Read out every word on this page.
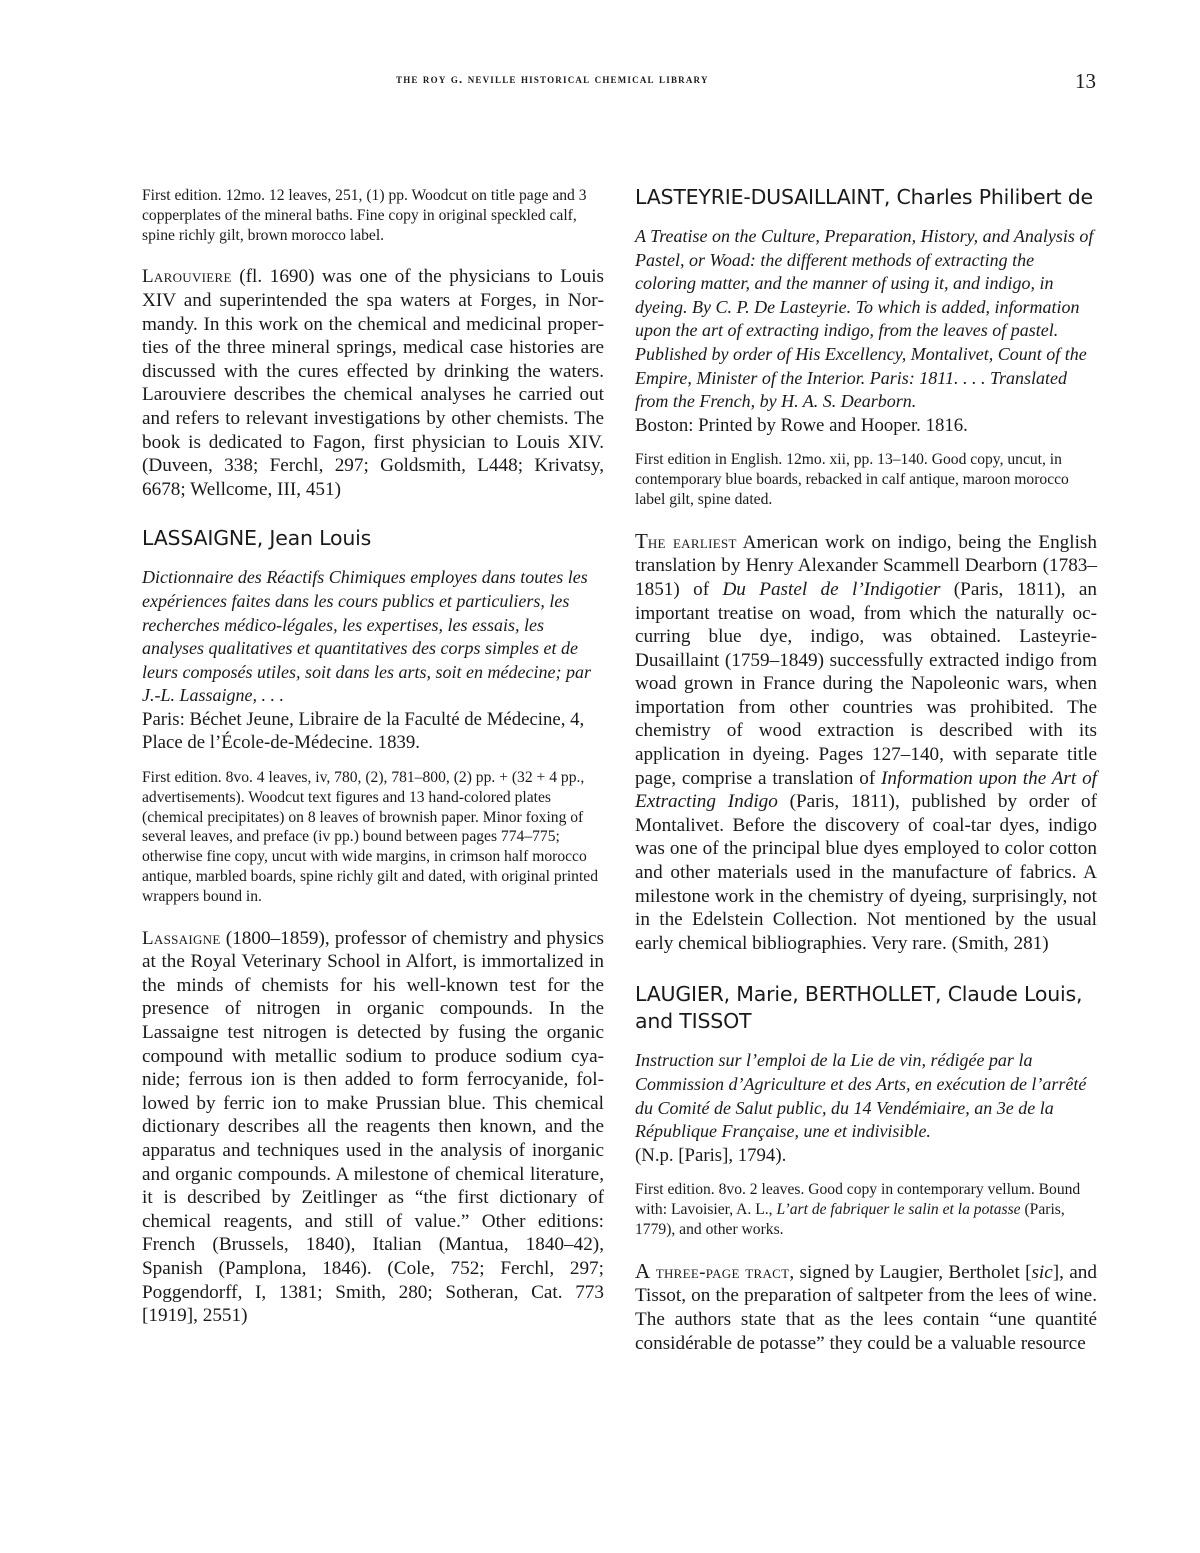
the roy g. neville historical chemical library	13

First edition. 12mo. 12 leaves, 251, (1) pp. Woodcut on title page and 3 copperplates of the mineral baths. Fine copy in original speckled calf, spine richly gilt, brown morocco label.

Larouviere (fl. 1690) was one of the physicians to Louis XIV and superintended the spa waters at Forges, in Normandy. In this work on the chemical and medicinal properties of the three mineral springs, medical case histories are discussed with the cures effected by drinking the waters. Larouviere describes the chemical analyses he carried out and refers to relevant investigations by other chemists. The book is dedicated to Fagon, first physician to Louis XIV. (Duveen, 338; Ferchl, 297; Goldsmith, L448; Krivatsy, 6678; Wellcome, III, 451)

LASSAIGNE, Jean Louis
Dictionnaire des Réactifs Chimiques employes dans toutes les expériences faites dans les cours publics et particuliers, les recherches médico-légales, les expertises, les essais, les analyses qualitatives et quantitatives des corps simples et de leurs composés utiles, soit dans les arts, soit en médecine; par J.-L. Lassaigne, . . .
Paris: Béchet Jeune, Libraire de la Faculté de Médecine, 4, Place de l’École-de-Médecine. 1839.

First edition. 8vo. 4 leaves, iv, 780, (2), 781–800, (2) pp. + (32 + 4 pp., advertisements). Woodcut text figures and 13 hand-colored plates (chemical precipitates) on 8 leaves of brownish paper. Minor foxing of several leaves, and preface (iv pp.) bound between pages 774–775; otherwise fine copy, uncut with wide margins, in crimson half morocco antique, marbled boards, spine richly gilt and dated, with original printed wrappers bound in.

Lassaigne (1800–1859), professor of chemistry and physics at the Royal Veterinary School in Alfort, is immortalized in the minds of chemists for his well-known test for the presence of nitrogen in organic compounds. In the Lassaigne test nitrogen is detected by fusing the organic compound with metallic sodium to produce sodium cyanide; ferrous ion is then added to form ferrocyanide, followed by ferric ion to make Prussian blue. This chemical dictionary describes all the reagents then known, and the apparatus and techniques used in the analysis of inorganic and organic compounds. A milestone of chemical literature, it is described by Zeitlinger as “the first dictionary of chemical reagents, and still of value.” Other editions: French (Brussels, 1840), Italian (Mantua, 1840–42), Spanish (Pamplona, 1846). (Cole, 752; Ferchl, 297; Poggendorff, I, 1381; Smith, 280; Sotheran, Cat. 773 [1919], 2551)

LASTEYRIE-DUSAILLAINT, Charles Philibert de
A Treatise on the Culture, Preparation, History, and Analysis of Pastel, or Woad: the different methods of extracting the coloring matter, and the manner of using it, and indigo, in dyeing. By C. P. De Lasteyrie. To which is added, information upon the art of extracting indigo, from the leaves of pastel. Published by order of His Excellency, Montalivet, Count of the Empire, Minister of the Interior. Paris: 1811. . . . Translated from the French, by H. A. S. Dearborn.
Boston: Printed by Rowe and Hooper. 1816.

First edition in English. 12mo. xii, pp. 13–140. Good copy, uncut, in contemporary blue boards, rebacked in calf antique, maroon morocco label gilt, spine dated.

The earliest American work on indigo, being the English translation by Henry Alexander Scammell Dearborn (1783–1851) of Du Pastel de l’Indigotier (Paris, 1811), an important treatise on woad, from which the naturally occurring blue dye, indigo, was obtained. Lasteyrie-Dusaillaint (1759–1849) successfully extracted indigo from woad grown in France during the Napoleonic wars, when importation from other countries was prohibited. The chemistry of wood extraction is described with its application in dyeing. Pages 127–140, with separate title page, comprise a translation of Information upon the Art of Extracting Indigo (Paris, 1811), published by order of Montalivet. Before the discovery of coal-tar dyes, indigo was one of the principal blue dyes employed to color cotton and other materials used in the manufacture of fabrics. A milestone work in the chemistry of dyeing, surprisingly, not in the Edelstein Collection. Not mentioned by the usual early chemical bibliographies. Very rare. (Smith, 281)

LAUGIER, Marie, BERTHOLLET, Claude Louis, and TISSOT
Instruction sur l’emploi de la Lie de vin, rédigée par la Commission d’Agriculture et des Arts, en exécution de l’arrêté du Comité de Salut public, du 14 Vendémiaire, an 3e de la République Française, une et indivisible.
(N.p. [Paris], 1794).

First edition. 8vo. 2 leaves. Good copy in contemporary vellum. Bound with: Lavoisier, A. L., L’art de fabriquer le salin et la potasse (Paris, 1779), and other works.

A three-page tract, signed by Laugier, Bertholet [sic], and Tissot, on the preparation of saltpeter from the lees of wine. The authors state that as the lees contain “une quantité considérable de potasse” they could be a valuable resource
